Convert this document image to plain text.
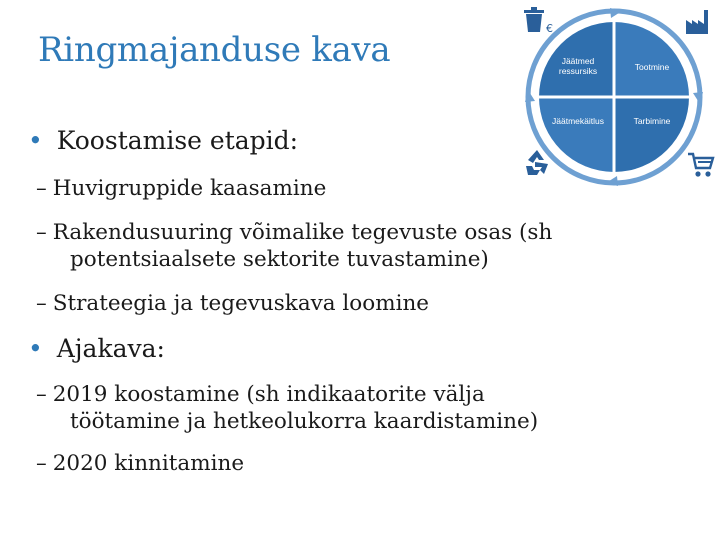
Ringmajanduse kava	Jäätmed
ressursiks	Tootmine
Jäätmekäitlus	Tarbimine
€
• Koostamise etapid:
– Huvigruppide kaasamine
– Rakendusuuring võimalike tegevuste osas (sh
potentsiaalsete sektorite tuvastamine)
– Strateegia ja tegevuskava loomine
• Ajakava:
– 2019 koostamine (sh indikaatorite välja
töötamine ja hetkeolukorra kaardistamine)
– 2020 kinnitamine
